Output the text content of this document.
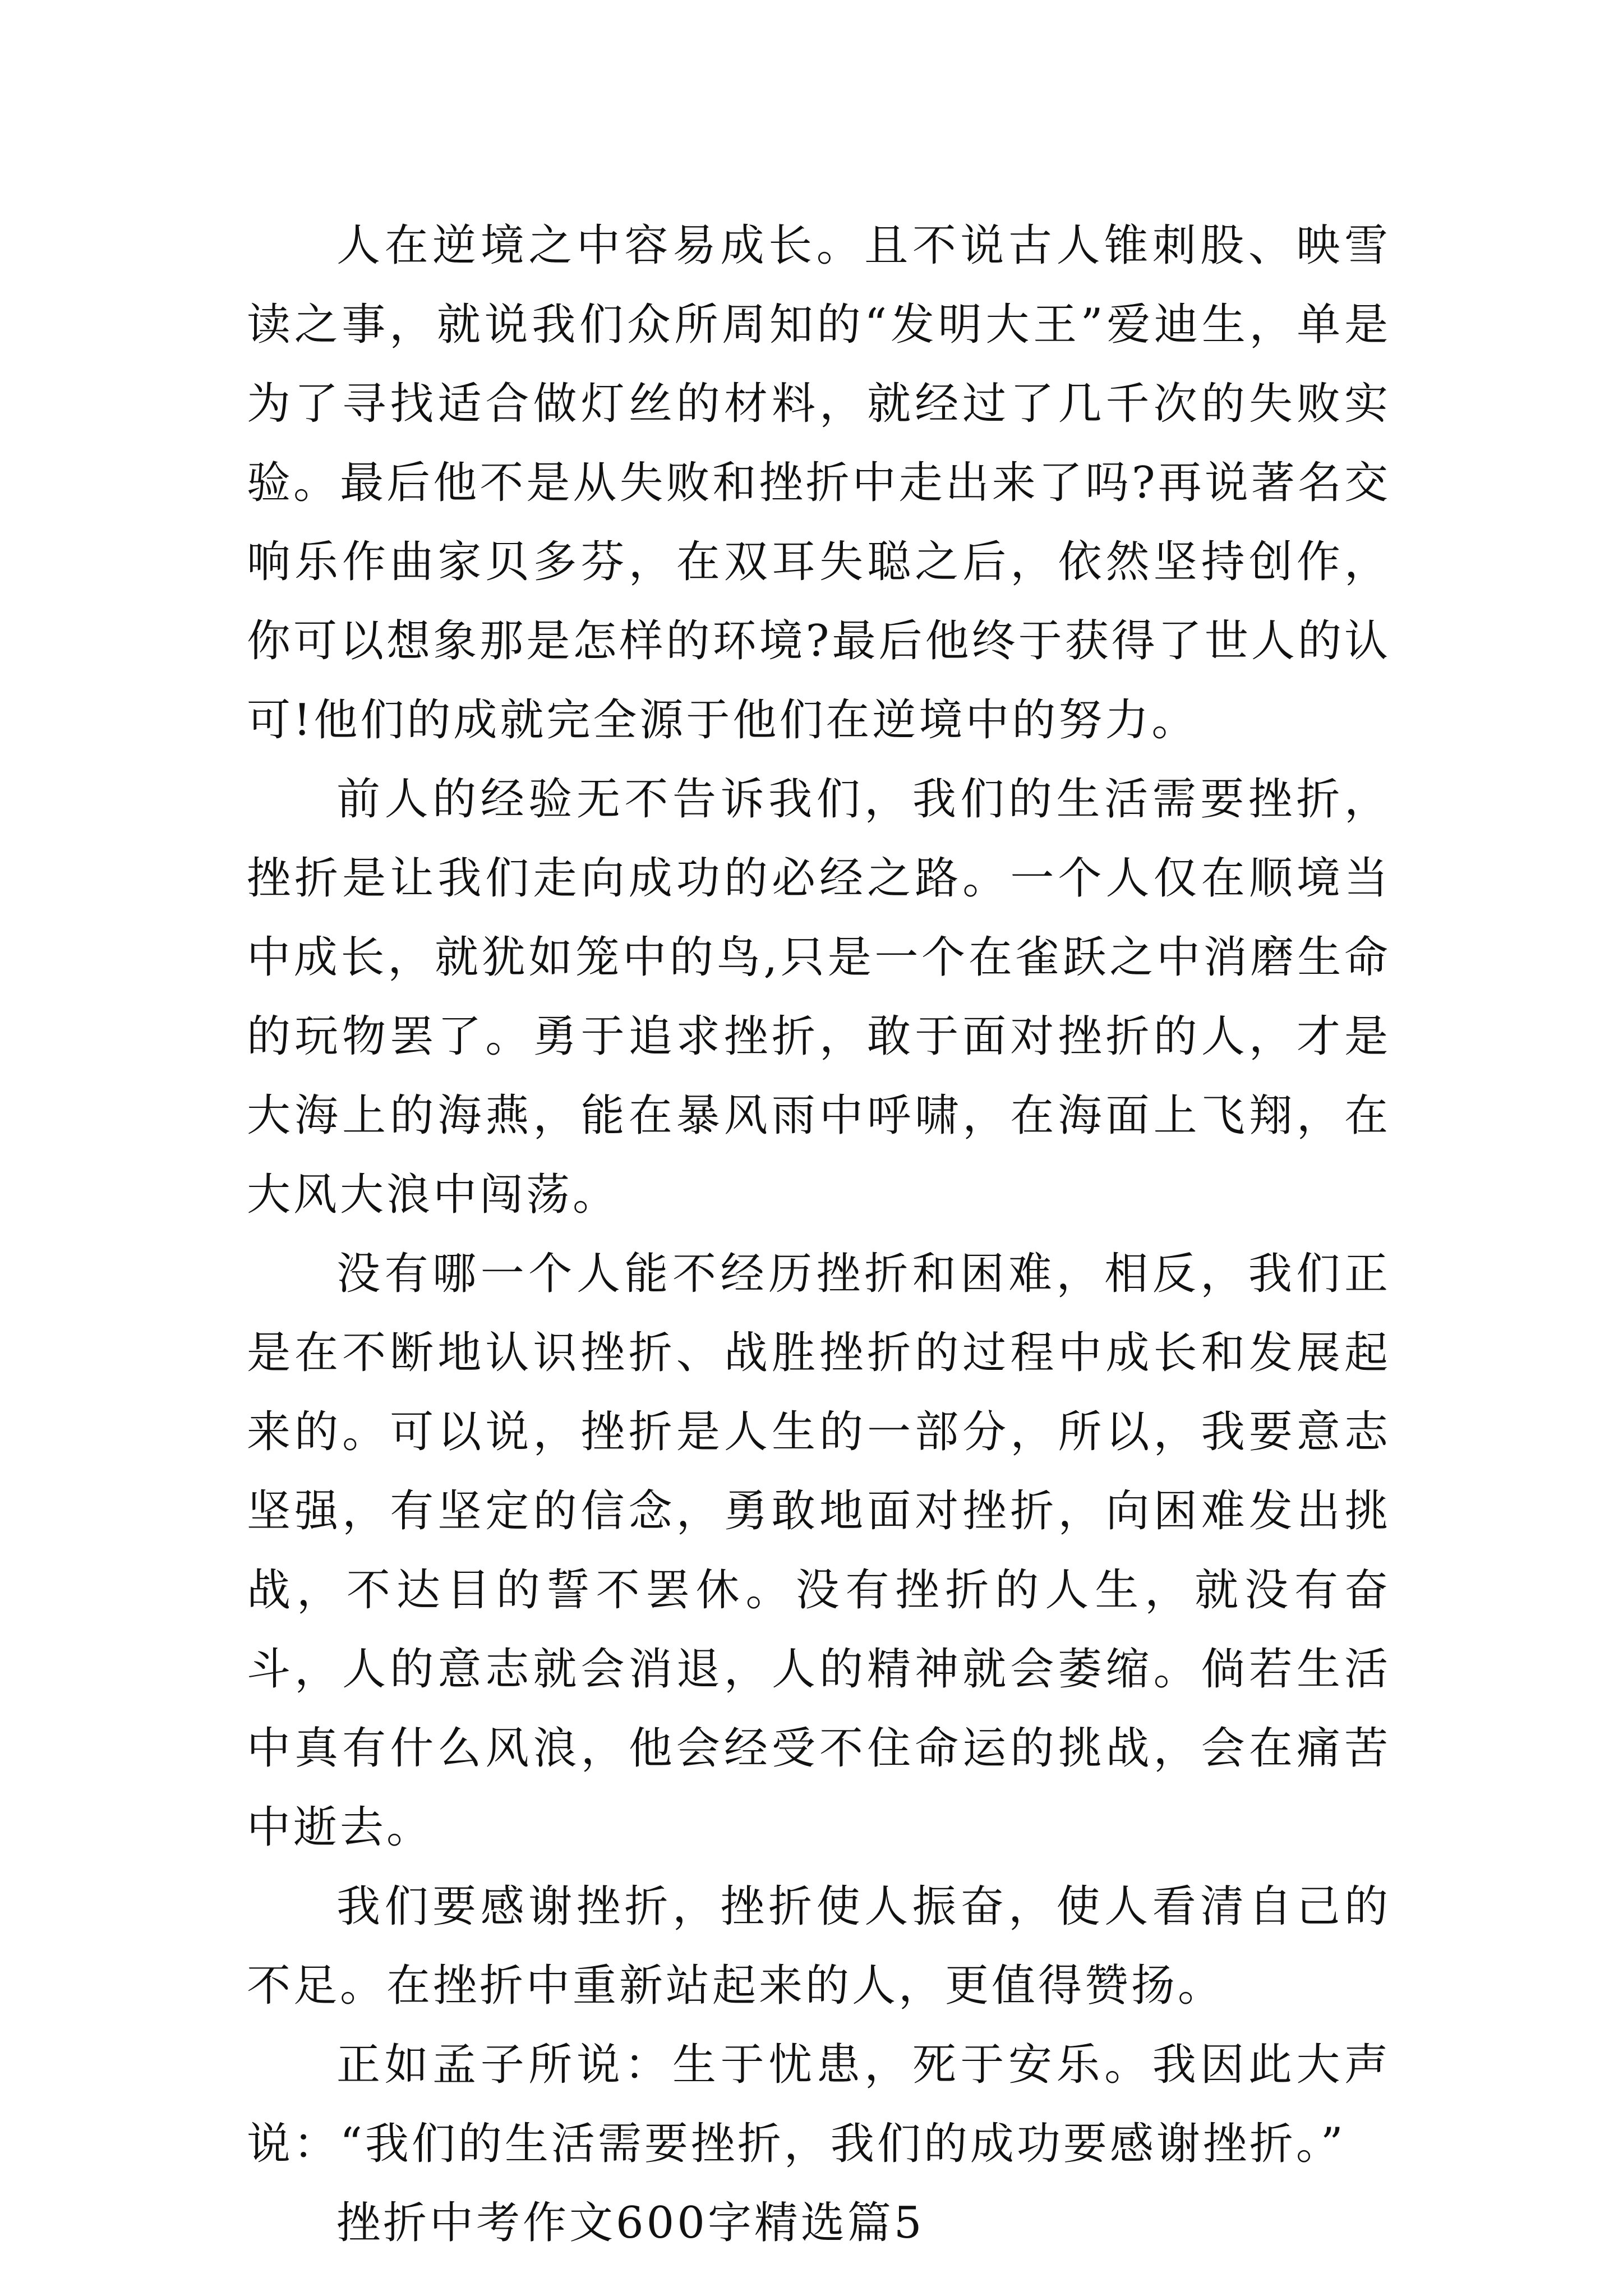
人在逆境之中容易成长。且不说古人锥刺股、映雪读之事，就说我们众所周知的“发明大王”爱迪生，单是为了寻找适合做灯丝的材料，就经过了几千次的失败实验。最后他不是从失败和挫折中走出来了吗?再说著名交响乐作曲家贝多芬，在双耳失聪之后，依然坚持创作，你可以想象那是怎样的环境?最后他终于获得了世人的认可!他们的成就完全源于他们在逆境中的努力。

前人的经验无不告诉我们，我们的生活需要挫折，挫折是让我们走向成功的必经之路。一个人仅在顺境当中成长，就犹如笼中的鸟,只是一个在雀跃之中消磨生命的玩物罢了。勇于追求挫折，敢于面对挫折的人，才是大海上的海燕，能在暴风雨中呼啸，在海面上飞翔，在大风大浪中闯荡。

没有哪一个人能不经历挫折和困难，相反，我们正是在不断地认识挫折、战胜挫折的过程中成长和发展起来的。可以说，挫折是人生的一部分，所以，我要意志坚强，有坚定的信念，勇敢地面对挫折，向困难发出挑战，不达目的誓不罢休。没有挫折的人生，就没有奋斗，人的意志就会消退，人的精神就会萎缩。倘若生活中真有什么风浪，他会经受不住命运的挑战，会在痛苦中逝去。

我们要感谢挫折，挫折使人振奋，使人看清自己的不足。在挫折中重新站起来的人，更值得赞扬。

正如孟子所说：生于忧患，死于安乐。我因此大声说：“我们的生活需要挫折，我们的成功要感谢挫折。”

挫折中考作文600字精选篇5
